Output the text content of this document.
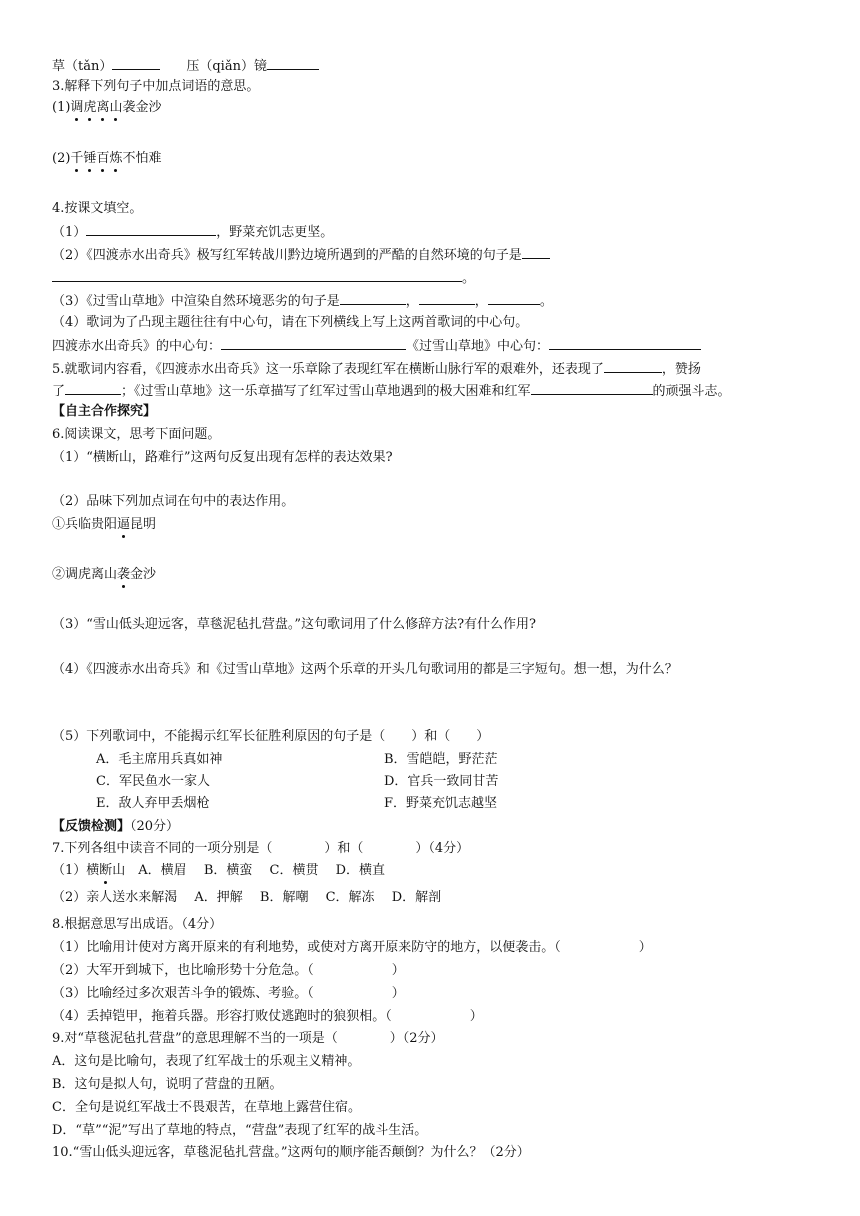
草（tǎn）	压（qiǎn）镜
3.解释下列句子中加点词语的意思。
(1)调虎离山袭金沙
(2)千锤百炼不怕难
4.按课文填空。
（1）	，野菜充饥志更坚。
（2）《四渡赤水出奇兵》极写红军转战川黔边境所遇到的严酷的自然环境的句子是
。
（3）《过雪山草地》中渲染自然环境恶劣的句子是	，	，	。
（4）歌词为了凸现主题往往有中心句，请在下列横线上写上这两首歌词的中心句。
四渡赤水出奇兵》的中心句：	《过雪山草地》中心句：
5.就歌词内容看，《四渡赤水出奇兵》这一乐章除了表现红军在横断山脉行军的艰难外，还表现了	，赞扬
了	；《过雪山草地》这一乐章描写了红军过雪山草地遇到的极大困难和红军	的顽强斗志。
【自主合作探究】
6.阅读课文，思考下面问题。
（1）“横断山，路难行”这两句反复出现有怎样的表达效果?
（2）品味下列加点词在句中的表达作用。
①兵临贵阳逼昆明
②调虎离山袭金沙
（3）“雪山低头迎远客，草毯泥毡扎营盘。”这句歌词用了什么修辞方法?有什么作用?
（4）《四渡赤水出奇兵》和《过雪山草地》这两个乐章的开头几句歌词用的都是三字短句。想一想，为什么？
（5）下列歌词中，不能揭示红军长征胜利原因的句子是（　　）和（　　）
A．毛主席用兵真如神	B．雪皑皑，野茫茫
C．军民鱼水一家人	D．官兵一致同甘苦
E．敌人弃甲丢烟枪	F．野菜充饥志越坚
【反馈检测】（20分）
7.下列各组中读音不同的一项分别是（　　　　）和（　　　　）（4分）
（1）横断山　A．横眉　 B．横蛮　 C．横贯　 D．横直
（2）亲人送水来解渴　 A．押解　 B．解嘲　 C．解冻　 D．解剖
8.根据意思写出成语。（4分）
（1）比喻用计使对方离开原来的有利地势，或使对方离开原来防守的地方，以便袭击。（　　　　　　）
（2）大军开到城下，也比喻形势十分危急。（　　　　　　）
（3）比喻经过多次艰苦斗争的锻炼、考验。（　　　　　　）
（4）丢掉铠甲，拖着兵器。形容打败仗逃跑时的狼狈相。（　　　　　　）
9.对“草毯泥毡扎营盘”的意思理解不当的一项是（　　　　）（2分）
A．这句是比喻句，表现了红军战士的乐观主义精神。
B．这句是拟人句，说明了营盘的丑陋。
C．全句是说红军战士不畏艰苦，在草地上露营住宿。
D．“草”“泥”写出了草地的特点，“营盘”表现了红军的战斗生活。
10.“雪山低头迎远客，草毯泥毡扎营盘。”这两句的顺序能否颠倒？为什么？（2分）
